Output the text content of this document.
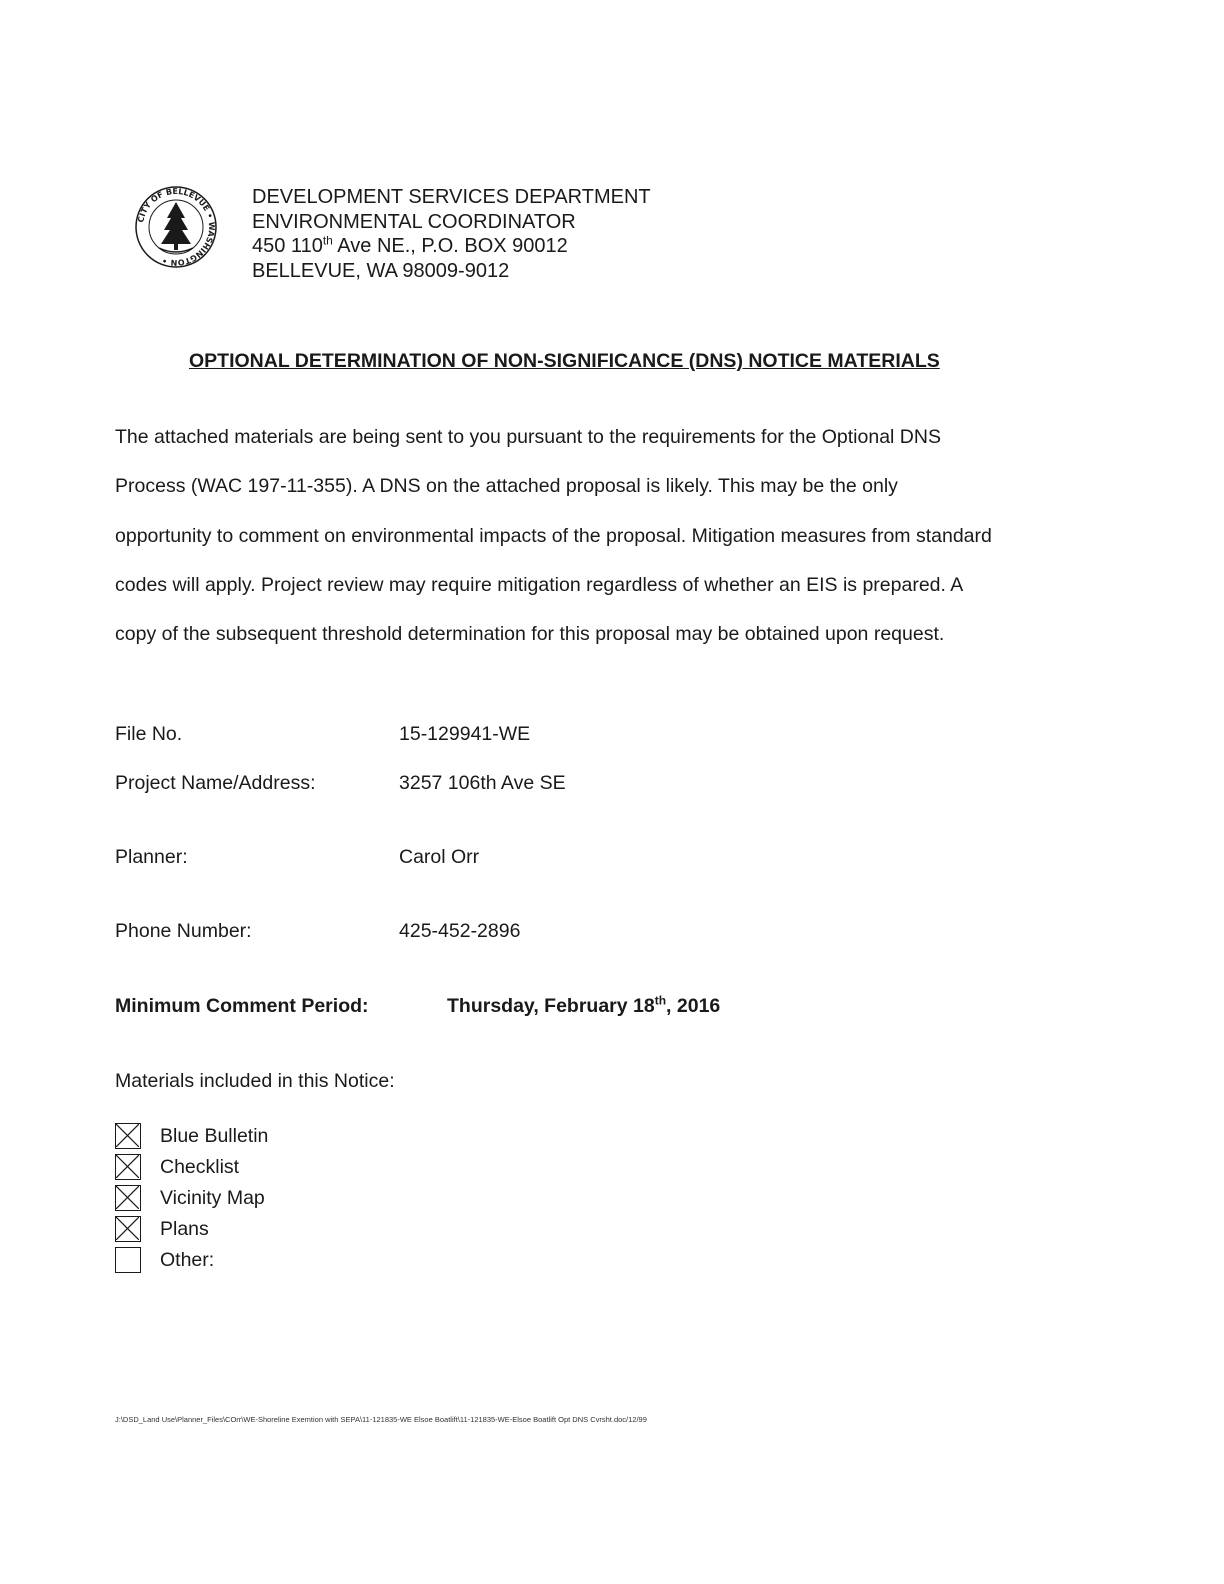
CITY OF BELLEVUE • WASHINGTON •
DEVELOPMENT SERVICES DEPARTMENT
ENVIRONMENTAL COORDINATOR
450 110th Ave NE., P.O. BOX 90012
BELLEVUE, WA 98009-9012
OPTIONAL DETERMINATION OF NON-SIGNIFICANCE (DNS) NOTICE MATERIALS
The attached materials are being sent to you pursuant to the requirements for the Optional DNS
Process (WAC 197-11-355). A DNS on the attached proposal is likely. This may be the only
opportunity to comment on environmental impacts of the proposal. Mitigation measures from standard
codes will apply. Project review may require mitigation regardless of whether an EIS is prepared. A
copy of the subsequent threshold determination for this proposal may be obtained upon request.
File No.	15-129941-WE
Project Name/Address:	3257 106th Ave SE
Planner:	Carol Orr
Phone Number:	425-452-2896
Minimum Comment Period:	Thursday, February 18th, 2016
Materials included in this Notice:
Blue Bulletin
Checklist
Vicinity Map
Plans
Other:
J:\DSD_Land Use\Planner_Files\COrr\WE-Shoreline Exemtion with SEPA\11-121835-WE Elsoe Boatlift\11-121835-WE-Elsoe Boatlift Opt DNS Cvrsht.doc/12/99
